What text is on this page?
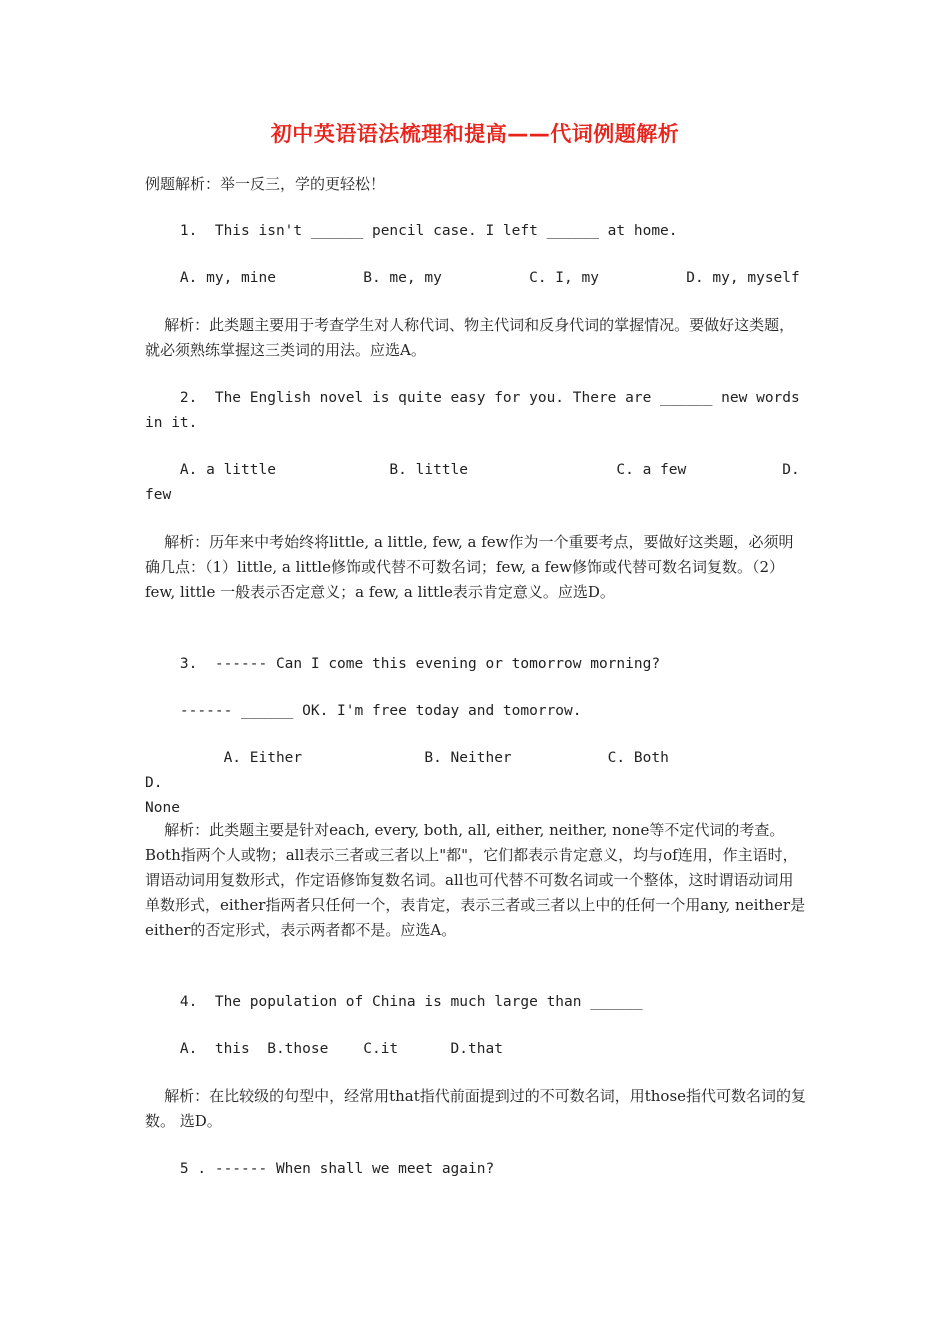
初中英语语法梳理和提高——代词例题解析

例题解析：举一反三，学的更轻松！

1.  This isn't ______ pencil case. I left ______ at home.

A. my, mine          B. me, my          C. I, my          D. my, myself

解析：此类题主要用于考查学生对人称代词、物主代词和反身代词的掌握情况。要做好这类题，就必须熟练掌握这三类词的用法。应选A。

2.  The English novel is quite easy for you. There are ______ new words in it.

A. a little             B. little                 C. a few           D.
few

解析：历年来中考始终将little, a little, few, a few作为一个重要考点，要做好这类题，必须明确几点：（1）little, a little修饰或代替不可数名词；few, a few修饰或代替可数名词复数。（2）few, little 一般表示否定意义；a few, a little表示肯定意义。应选D。

3.  ------ Can I come this evening or tomorrow morning?

------ ______ OK. I'm free today and tomorrow.

A. Either              B. Neither           C. Both              D.
None

解析：此类题主要是针对each, every, both, all, either, neither, none等不定代词的考查。Both指两个人或物；all表示三者或三者以上"都"，它们都表示肯定意义，均与of连用，作主语时，谓语动词用复数形式，作定语修饰复数名词。all也可代替不可数名词或一个整体，这时谓语动词用单数形式，either指两者只任何一个，表肯定，表示三者或三者以上中的任何一个用any, neither是either的否定形式，表示两者都不是。应选A。

4.  The population of China is much large than ______

A.  this  B.those    C.it      D.that

解析：在比较级的句型中，经常用that指代前面提到过的不可数名词，用those指代可数名词的复数。 选D。

5 . ------ When shall we meet again?
